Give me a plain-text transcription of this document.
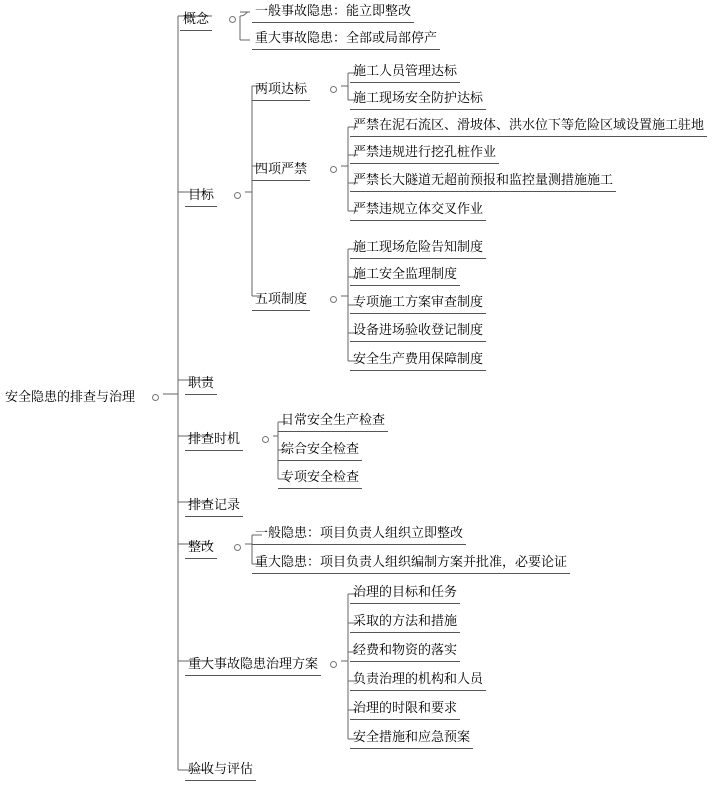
安全隐患的排查与治理
概念
一般事故隐患：能立即整改
重大事故隐患：全部或局部停产
目标
两项达标
施工人员管理达标
施工现场安全防护达标
四项严禁
严禁在泥石流区、滑坡体、洪水位下等危险区域设置施工驻地
严禁违规进行挖孔桩作业
严禁长大隧道无超前预报和监控量测措施施工
严禁违规立体交叉作业
五项制度
施工现场危险告知制度
施工安全监理制度
专项施工方案审查制度
设备进场验收登记制度
安全生产费用保障制度
职责
排查时机
日常安全生产检查
综合安全检查
专项安全检查
排查记录
整改
一般隐患：项目负责人组织立即整改
重大隐患：项目负责人组织编制方案并批准，必要论证
重大事故隐患治理方案
治理的目标和任务
采取的方法和措施
经费和物资的落实
负责治理的机构和人员
治理的时限和要求
安全措施和应急预案
验收与评估
